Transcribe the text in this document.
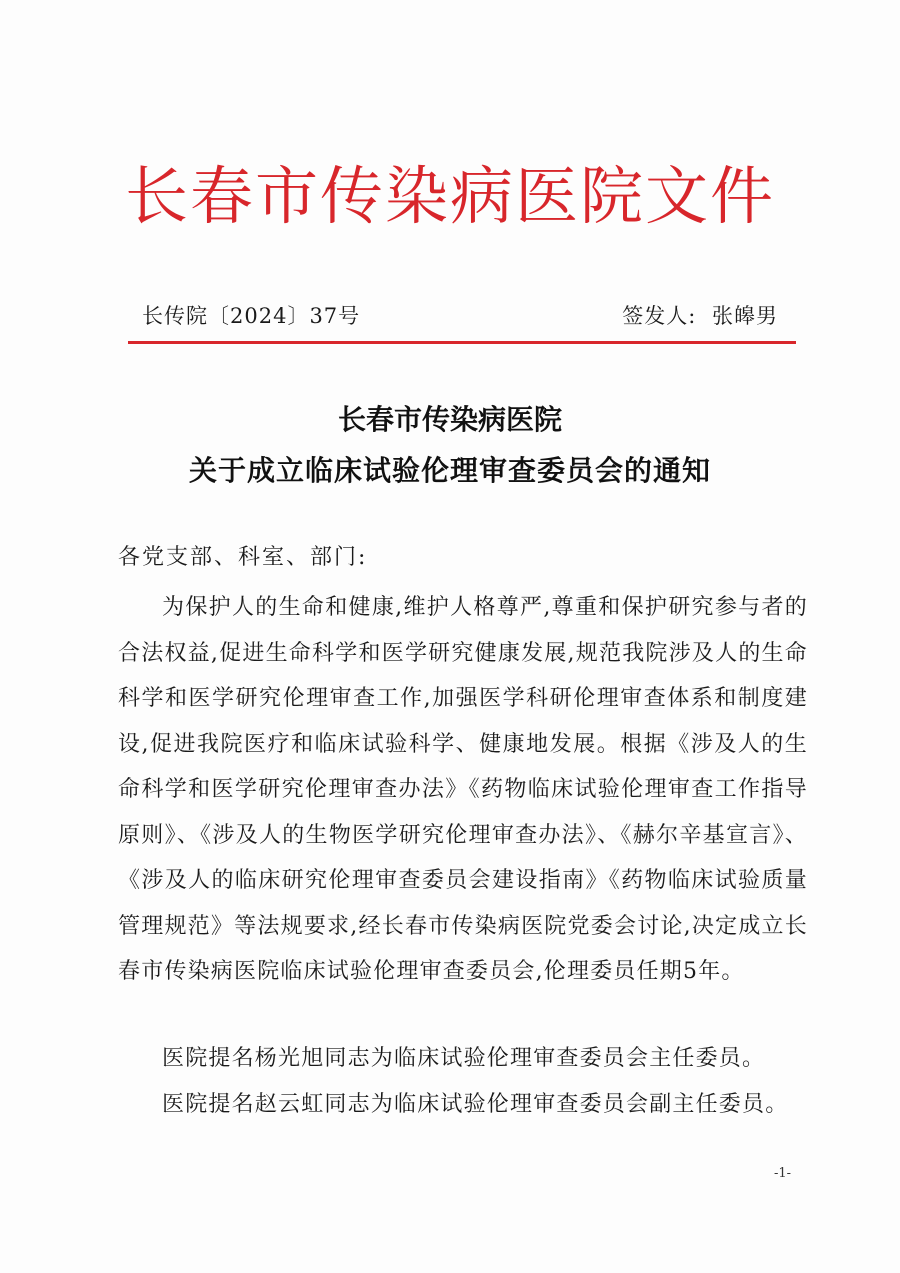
长春市传染病医院文件
长传院〔2024〕37号	签发人: 张皞男
长春市传染病医院
关于成立临床试验伦理审查委员会的通知
各党支部、科室、部门:

为保护人的生命和健康,维护人格尊严,尊重和保护研究参与者的合法权益,促进生命科学和医学研究健康发展,规范我院涉及人的生命科学和医学研究伦理审查工作,加强医学科研伦理审查体系和制度建设,促进我院医疗和临床试验科学、健康地发展。根据《涉及人的生命科学和医学研究伦理审查办法》《药物临床试验伦理审查工作指导原则》、《涉及人的生物医学研究伦理审查办法》、《赫尔辛基宣言》、《涉及人的临床研究伦理审查委员会建设指南》《药物临床试验质量管理规范》等法规要求,经长春市传染病医院党委会讨论,决定成立长春市传染病医院临床试验伦理审查委员会,伦理委员任期5年。

医院提名杨光旭同志为临床试验伦理审查委员会主任委员。

医院提名赵云虹同志为临床试验伦理审查委员会副主任委员。

-1-
